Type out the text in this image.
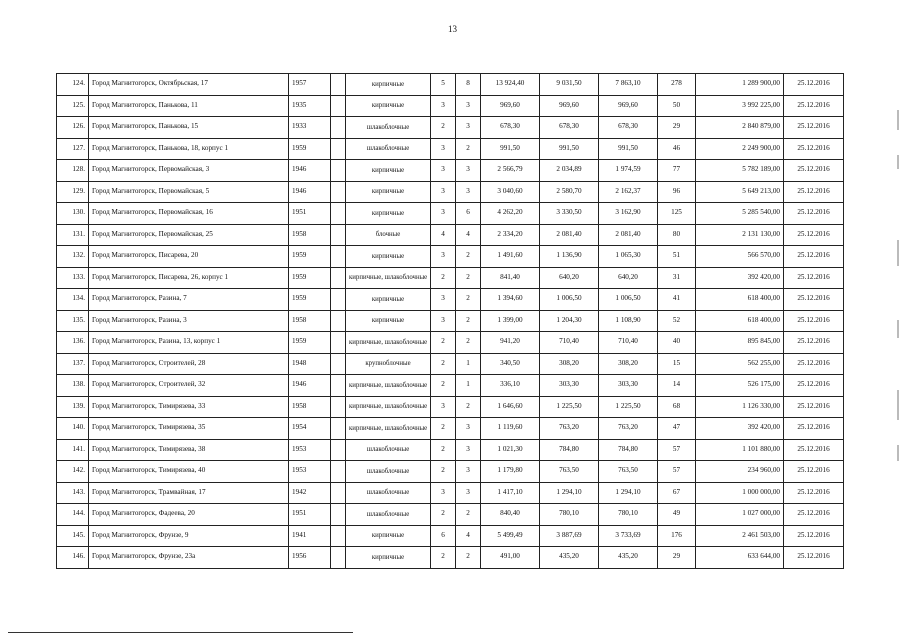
13
124.	Город Магнитогорск, Октябрьская, 17	1957		кирпичные	5	8	13 924,40	9 031,50	7 863,10	278	1 289 900,00	25.12.2016
125.	Город Магнитогорск, Панькова, 11	1935		кирпичные	3	3	969,60	969,60	969,60	50	3 992 225,00	25.12.2016
126.	Город Магнитогорск, Панькова, 15	1933		шлакоблочные	2	3	678,30	678,30	678,30	29	2 840 879,00	25.12.2016
127.	Город Магнитогорск, Панькова, 18, корпус 1	1959		шлакоблочные	3	2	991,50	991,50	991,50	46	2 249 900,00	25.12.2016
128.	Город Магнитогорск, Первомайская, 3	1946		кирпичные	3	3	2 566,79	2 034,89	1 974,59	77	5 782 189,00	25.12.2016
129.	Город Магнитогорск, Первомайская, 5	1946		кирпичные	3	3	3 040,60	2 580,70	2 162,37	96	5 649 213,00	25.12.2016
130.	Город Магнитогорск, Первомайская, 16	1951		кирпичные	3	6	4 262,20	3 330,50	3 162,90	125	5 285 540,00	25.12.2016
131.	Город Магнитогорск, Первомайская, 25	1958		блочные	4	4	2 334,20	2 081,40	2 081,40	80	2 131 130,00	25.12.2016
132.	Город Магнитогорск, Писарева, 20	1959		кирпичные	3	2	1 491,60	1 136,90	1 065,30	51	566 570,00	25.12.2016
133.	Город Магнитогорск, Писарева, 26, корпус 1	1959		кирпичные, шлакоблочные	2	2	841,40	640,20	640,20	31	392 420,00	25.12.2016
134.	Город Магнитогорск, Разина, 7	1959		кирпичные	3	2	1 394,60	1 006,50	1 006,50	41	618 400,00	25.12.2016
135.	Город Магнитогорск, Разина, 3	1958		кирпичные	3	2	1 399,00	1 204,30	1 108,90	52	618 400,00	25.12.2016
136.	Город Магнитогорск, Разина, 13, корпус 1	1959		кирпичные, шлакоблочные	2	2	941,20	710,40	710,40	40	895 845,00	25.12.2016
137.	Город Магнитогорск, Строителей, 28	1948		крупноблочные	2	1	340,50	308,20	308,20	15	562 255,00	25.12.2016
138.	Город Магнитогорск, Строителей, 32	1946		кирпичные, шлакоблочные	2	1	336,10	303,30	303,30	14	526 175,00	25.12.2016
139.	Город Магнитогорск, Тимирязева, 33	1958		кирпичные, шлакоблочные	3	2	1 646,60	1 225,50	1 225,50	68	1 126 330,00	25.12.2016
140.	Город Магнитогорск, Тимирязева, 35	1954		кирпичные, шлакоблочные	2	3	1 119,60	763,20	763,20	47	392 420,00	25.12.2016
141.	Город Магнитогорск, Тимирязева, 38	1953		шлакоблочные	2	3	1 021,30	784,80	784,80	57	1 101 880,00	25.12.2016
142.	Город Магнитогорск, Тимирязева, 40	1953		шлакоблочные	2	3	1 179,80	763,50	763,50	57	234 960,00	25.12.2016
143.	Город Магнитогорск, Трамвайная, 17	1942		шлакоблочные	3	3	1 417,10	1 294,10	1 294,10	67	1 000 000,00	25.12.2016
144.	Город Магнитогорск, Фадеева, 20	1951		шлакоблочные	2	2	840,40	780,10	780,10	49	1 027 000,00	25.12.2016
145.	Город Магнитогорск, Фрунзе, 9	1941		кирпичные	6	4	5 499,49	3 887,69	3 733,69	176	2 461 503,00	25.12.2016
146.	Город Магнитогорск, Фрунзе, 23а	1956		кирпичные	2	2	491,00	435,20	435,20	29	633 644,00	25.12.2016
